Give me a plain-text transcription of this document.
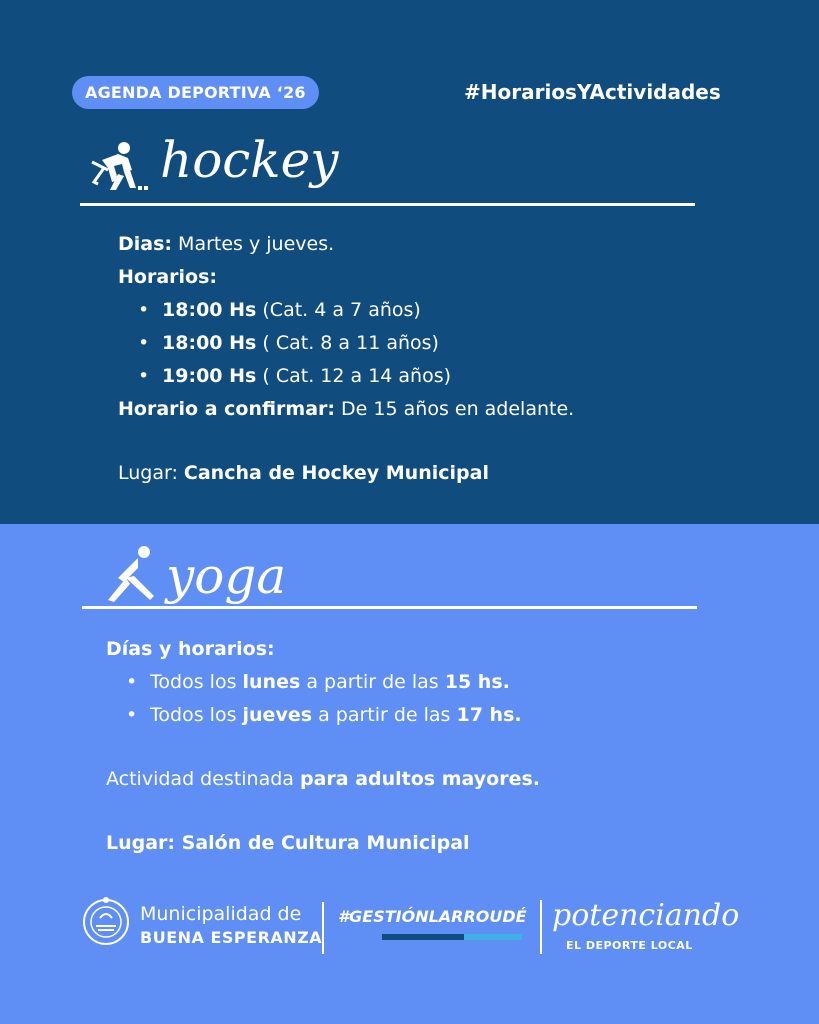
AGENDA DEPORTIVA ‘26	#HorariosYActividades
hockey
Dias: Martes y jueves.
Horarios:
• 18:00 Hs (Cat. 4 a 7 años)
• 18:00 Hs ( Cat. 8 a 11 años)
• 19:00 Hs ( Cat. 12 a 14 años)
Horario a confirmar: De 15 años en adelante.
Lugar: Cancha de Hockey Municipal
yoga
Días y horarios:
• Todos los lunes a partir de las 15 hs.
• Todos los jueves a partir de las 17 hs.
Actividad destinada para adultos mayores.
Lugar: Salón de Cultura Municipal
Municipalidad de
BUENA ESPERANZA
#GESTIÓNLARROUDÉ potenciando
EL DEPORTE LOCAL
